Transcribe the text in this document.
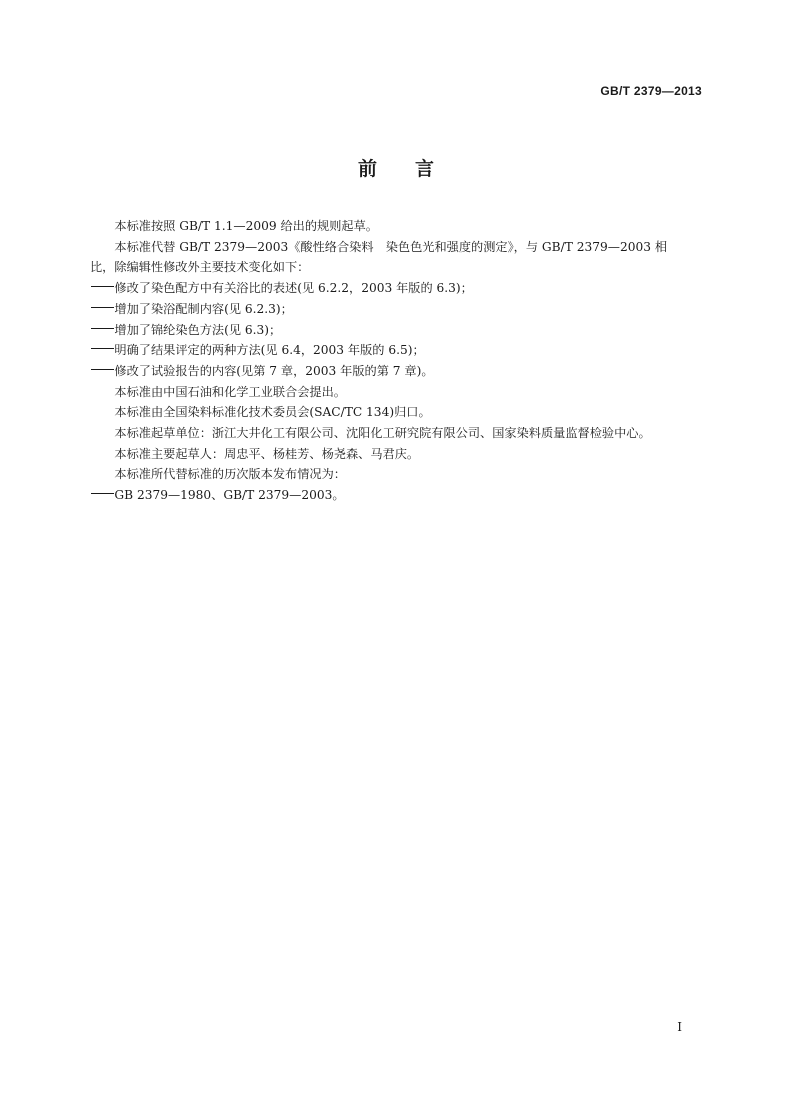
GB/T 2379—2013
前 言

本标准按照 GB/T 1.1—2009 给出的规则起草。

本标准代替 GB/T 2379—2003《酸性络合染料　染色色光和强度的测定》，与 GB/T 2379—2003 相

比，除编辑性修改外主要技术变化如下：

修改了染色配方中有关浴比的表述(见 6.2.2，2003 年版的 6.3)；

增加了染浴配制内容(见 6.2.3)；

增加了锦纶染色方法(见 6.3)；

明确了结果评定的两种方法(见 6.4，2003 年版的 6.5)；

修改了试验报告的内容(见第 7 章，2003 年版的第 7 章)。

本标准由中国石油和化学工业联合会提出。

本标准由全国染料标准化技术委员会(SAC/TC 134)归口。

本标准起草单位：浙江大井化工有限公司、沈阳化工研究院有限公司、国家染料质量监督检验中心。

本标准主要起草人：周忠平、杨桂芳、杨尧森、马君庆。

本标准所代替标准的历次版本发布情况为：

GB 2379—1980、GB/T 2379—2003。

I
